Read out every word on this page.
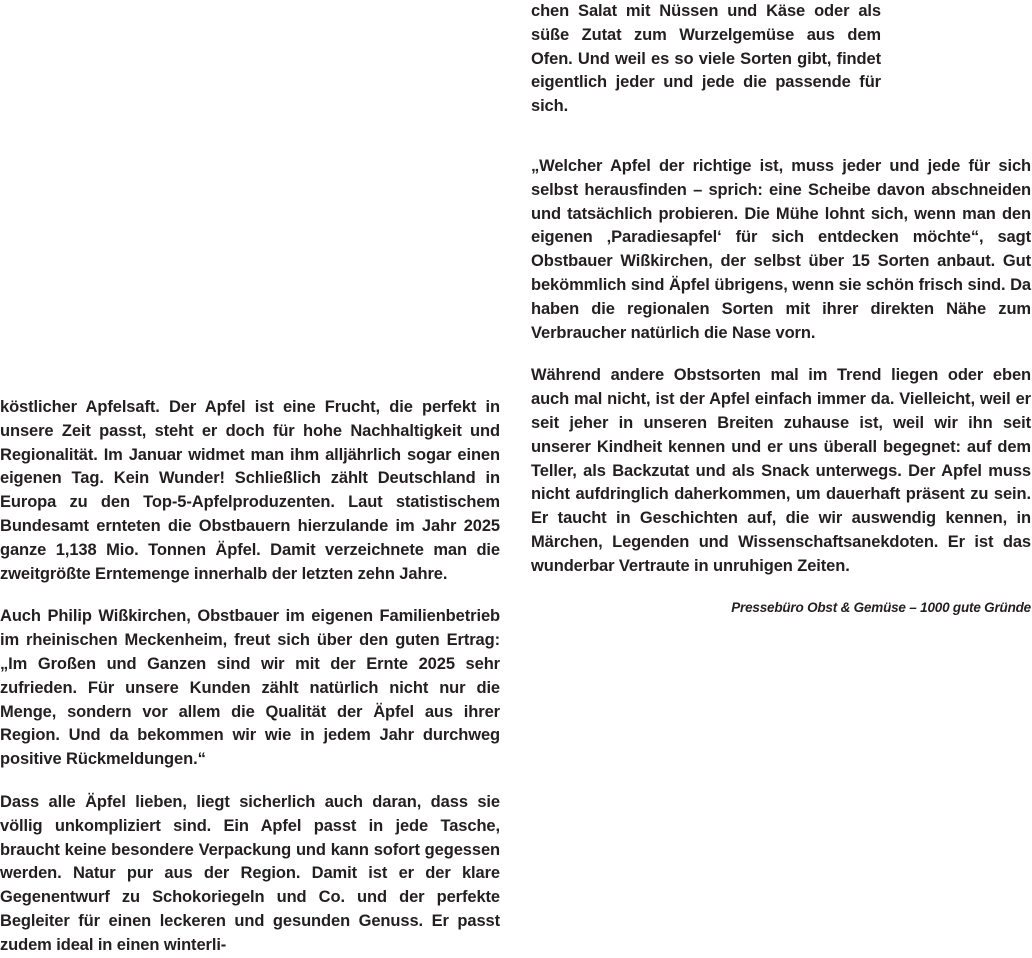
köstlicher Apfelsaft. Der Apfel ist eine Frucht, die perfekt in unsere Zeit passt, steht er doch für hohe Nachhaltigkeit und Regionalität. Im Januar widmet man ihm alljährlich sogar einen eigenen Tag. Kein Wunder! Schließlich zählt Deutschland in Europa zu den Top-5-Apfelproduzenten. Laut statistischem Bundesamt ernteten die Obstbauern hierzulande im Jahr 2025 ganze 1,138 Mio. Tonnen Äpfel. Damit verzeichnete man die zweitgrößte Erntemenge innerhalb der letzten zehn Jahre.

Auch Philip Wißkirchen, Obstbauer im eigenen Familienbetrieb im rheinischen Meckenheim, freut sich über den guten Ertrag: „Im Großen und Ganzen sind wir mit der Ernte 2025 sehr zufrieden. Für unsere Kunden zählt natürlich nicht nur die Menge, sondern vor allem die Qualität der Äpfel aus ihrer Region. Und da bekommen wir wie in jedem Jahr durchweg positive Rückmeldungen.“

Dass alle Äpfel lieben, liegt sicherlich auch daran, dass sie völlig unkompliziert sind. Ein Apfel passt in jede Tasche, braucht keine besondere Verpackung und kann sofort gegessen werden. Natur pur aus der Region. Damit ist er der klare Gegenentwurf zu Schokoriegeln und Co. und der perfekte Begleiter für einen leckeren und gesunden Genuss. Er passt zudem ideal in einen winterli-

chen Salat mit Nüssen und Käse oder als süße Zutat zum Wurzelgemüse aus dem Ofen. Und weil es so viele Sorten gibt, findet eigentlich jeder und jede die passende für sich.

„Welcher Apfel der richtige ist, muss jeder und jede für sich selbst herausfinden – sprich: eine Scheibe davon abschneiden und tatsächlich probieren. Die Mühe lohnt sich, wenn man den eigenen ‚Paradiesapfel‘ für sich entdecken möchte“, sagt Obstbauer Wißkirchen, der selbst über 15 Sorten anbaut. Gut bekömmlich sind Äpfel übrigens, wenn sie schön frisch sind. Da haben die regionalen Sorten mit ihrer direkten Nähe zum Verbraucher natürlich die Nase vorn.

Während andere Obstsorten mal im Trend liegen oder eben auch mal nicht, ist der Apfel einfach immer da. Vielleicht, weil er seit jeher in unseren Breiten zuhause ist, weil wir ihn seit unserer Kindheit kennen und er uns überall begegnet: auf dem Teller, als Backzutat und als Snack unterwegs. Der Apfel muss nicht aufdringlich daherkommen, um dauerhaft präsent zu sein. Er taucht in Geschichten auf, die wir auswendig kennen, in Märchen, Legenden und Wissenschaftsanekdoten. Er ist das wunderbar Vertraute in unruhigen Zeiten.

Pressebüro Obst & Gemüse – 1000 gute Gründe
